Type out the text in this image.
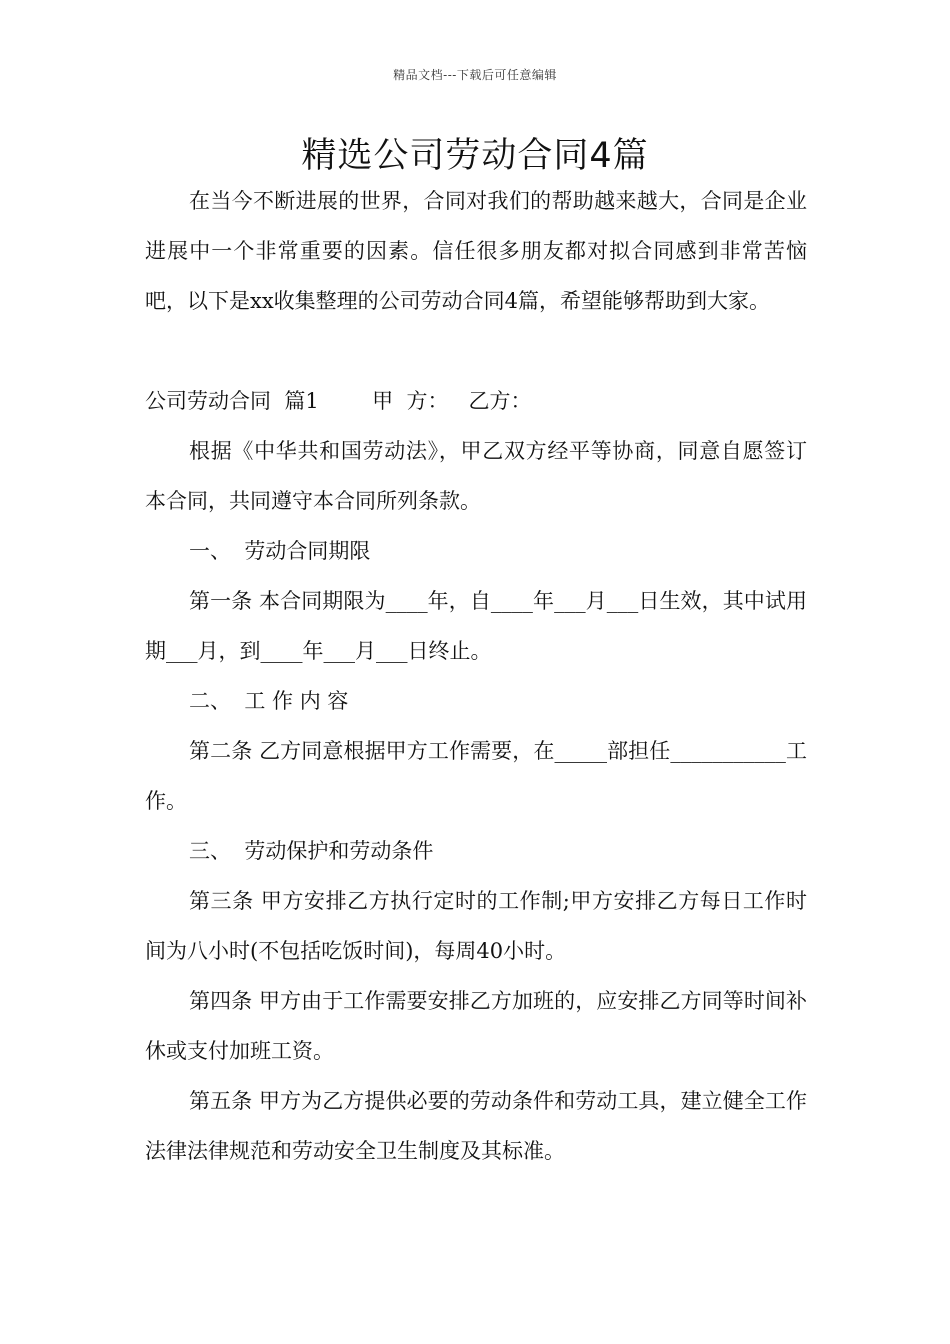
精品文档---下载后可任意编辑
精选公司劳动合同4篇

在当今不断进展的世界，合同对我们的帮助越来越大，合同是企业进展中一个非常重要的因素。信任很多朋友都对拟合同感到非常苦恼吧，以下是xx收集整理的公司劳动合同4篇，希望能够帮助到大家。

公司劳动合同  篇1        甲  方：   乙方：

根据《中华共和国劳动法》，甲乙双方经平等协商，同意自愿签订本合同，共同遵守本合同所列条款。

一、  劳动合同期限

第一条 本合同期限为____年，自____年___月___日生效，其中试用期___月，到____年___月___日终止。

二、  工 作 内 容

第二条 乙方同意根据甲方工作需要，在_____部担任___________工作。

三、  劳动保护和劳动条件

第三条 甲方安排乙方执行定时的工作制;甲方安排乙方每日工作时间为八小时(不包括吃饭时间)，每周40小时。

第四条 甲方由于工作需要安排乙方加班的，应安排乙方同等时间补休或支付加班工资。

第五条 甲方为乙方提供必要的劳动条件和劳动工具，建立健全工作法律法律规范和劳动安全卫生制度及其标准。
